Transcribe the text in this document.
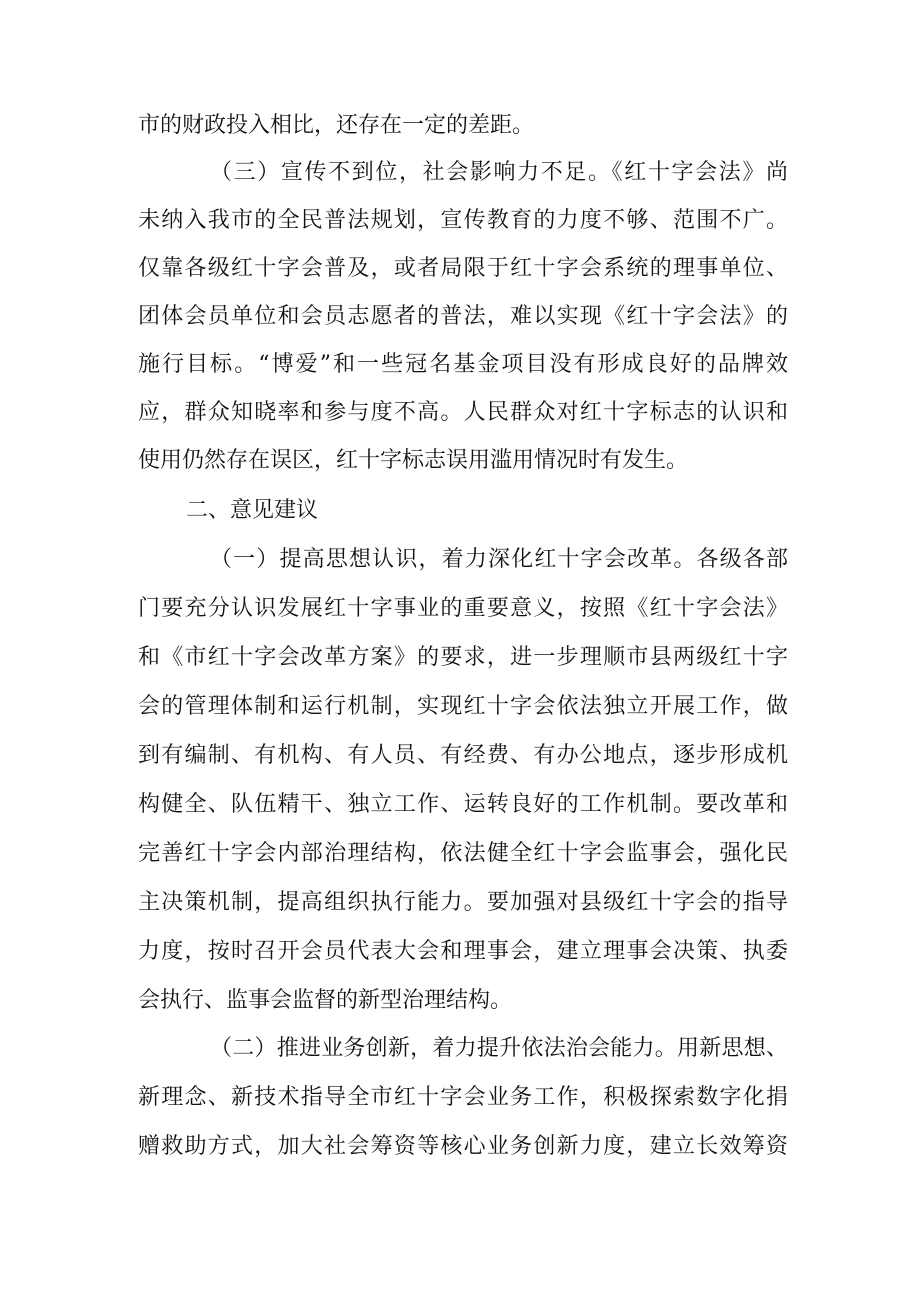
市的财政投入相比，还存在一定的差距。
（三）宣传不到位，社会影响力不足。《红十字会法》尚
未纳入我市的全民普法规划，宣传教育的力度不够、范围不广。
仅靠各级红十字会普及，或者局限于红十字会系统的理事单位、
团体会员单位和会员志愿者的普法，难以实现《红十字会法》的
施行目标。“博爱”和一些冠名基金项目没有形成良好的品牌效
应，群众知晓率和参与度不高。人民群众对红十字标志的认识和
使用仍然存在误区，红十字标志误用滥用情况时有发生。
二、意见建议
（一）提高思想认识，着力深化红十字会改革。各级各部
门要充分认识发展红十字事业的重要意义，按照《红十字会法》
和《市红十字会改革方案》的要求，进一步理顺市县两级红十字
会的管理体制和运行机制，实现红十字会依法独立开展工作，做
到有编制、有机构、有人员、有经费、有办公地点，逐步形成机
构健全、队伍精干、独立工作、运转良好的工作机制。要改革和
完善红十字会内部治理结构，依法健全红十字会监事会，强化民
主决策机制，提高组织执行能力。要加强对县级红十字会的指导
力度，按时召开会员代表大会和理事会，建立理事会决策、执委
会执行、监事会监督的新型治理结构。
（二）推进业务创新，着力提升依法治会能力。用新思想、
新理念、新技术指导全市红十字会业务工作，积极探索数字化捐
赠救助方式，加大社会筹资等核心业务创新力度，建立长效筹资
